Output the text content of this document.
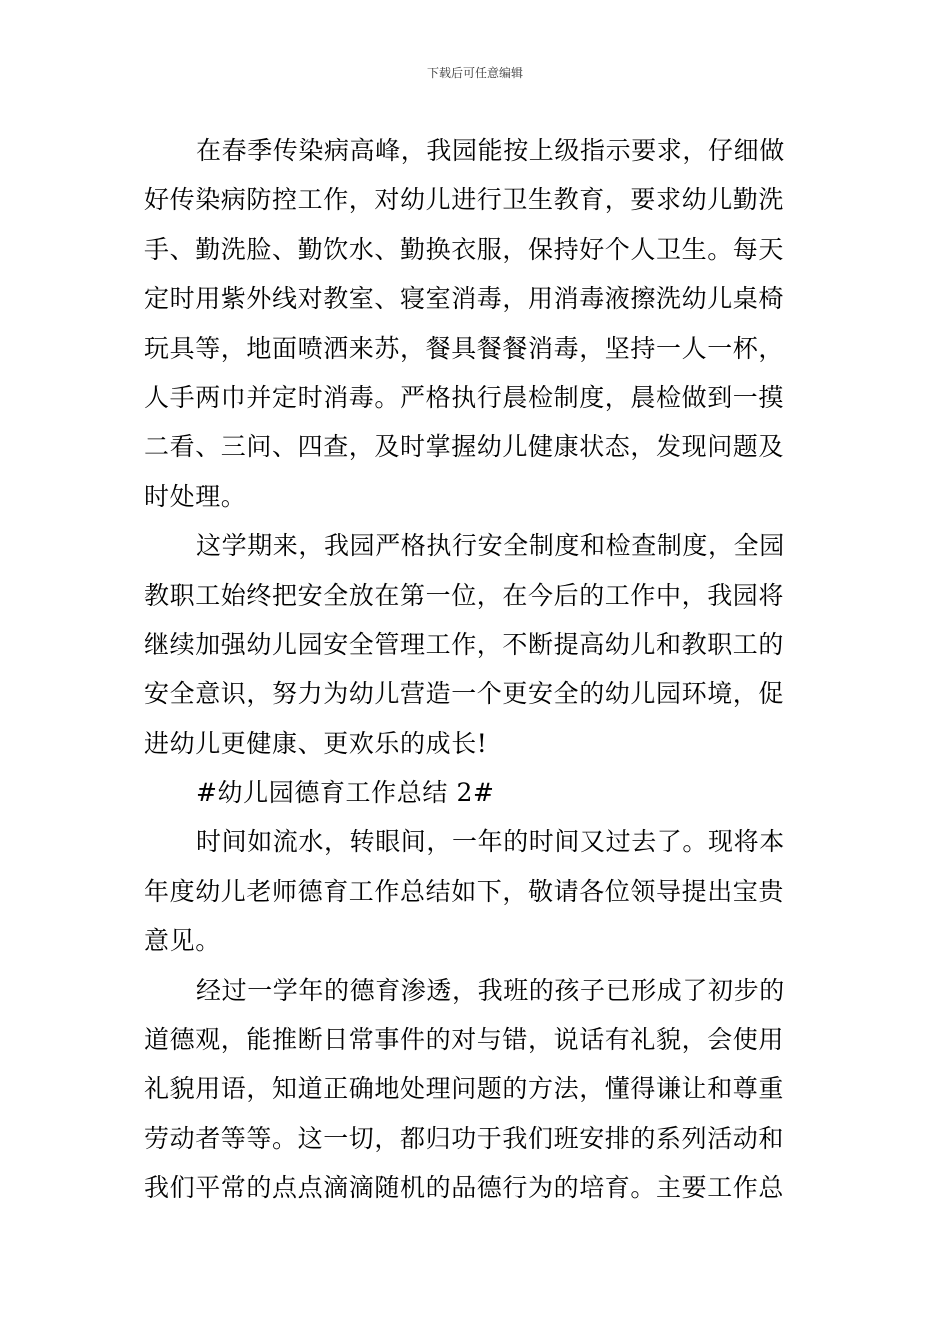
下载后可任意编辑
在春季传染病高峰，我园能按上级指示要求，仔细做
好传染病防控工作，对幼儿进行卫生教育，要求幼儿勤洗
手、勤洗脸、勤饮水、勤换衣服，保持好个人卫生。每天
定时用紫外线对教室、寝室消毒，用消毒液擦洗幼儿桌椅
玩具等，地面喷洒来苏，餐具餐餐消毒，坚持一人一杯，
人手两巾并定时消毒。严格执行晨检制度，晨检做到一摸
二看、三问、四查，及时掌握幼儿健康状态，发现问题及
时处理。
这学期来，我园严格执行安全制度和检查制度，全园
教职工始终把安全放在第一位，在今后的工作中，我园将
继续加强幼儿园安全管理工作，不断提高幼儿和教职工的
安全意识，努力为幼儿营造一个更安全的幼儿园环境，促
进幼儿更健康、更欢乐的成长!
#幼儿园德育工作总结 2#
时间如流水，转眼间，一年的时间又过去了。现将本
年度幼儿老师德育工作总结如下，敬请各位领导提出宝贵
意见。
经过一学年的德育渗透，我班的孩子已形成了初步的
道德观，能推断日常事件的对与错，说话有礼貌，会使用
礼貌用语，知道正确地处理问题的方法，懂得谦让和尊重
劳动者等等。这一切，都归功于我们班安排的系列活动和
我们平常的点点滴滴随机的品德行为的培育。主要工作总
